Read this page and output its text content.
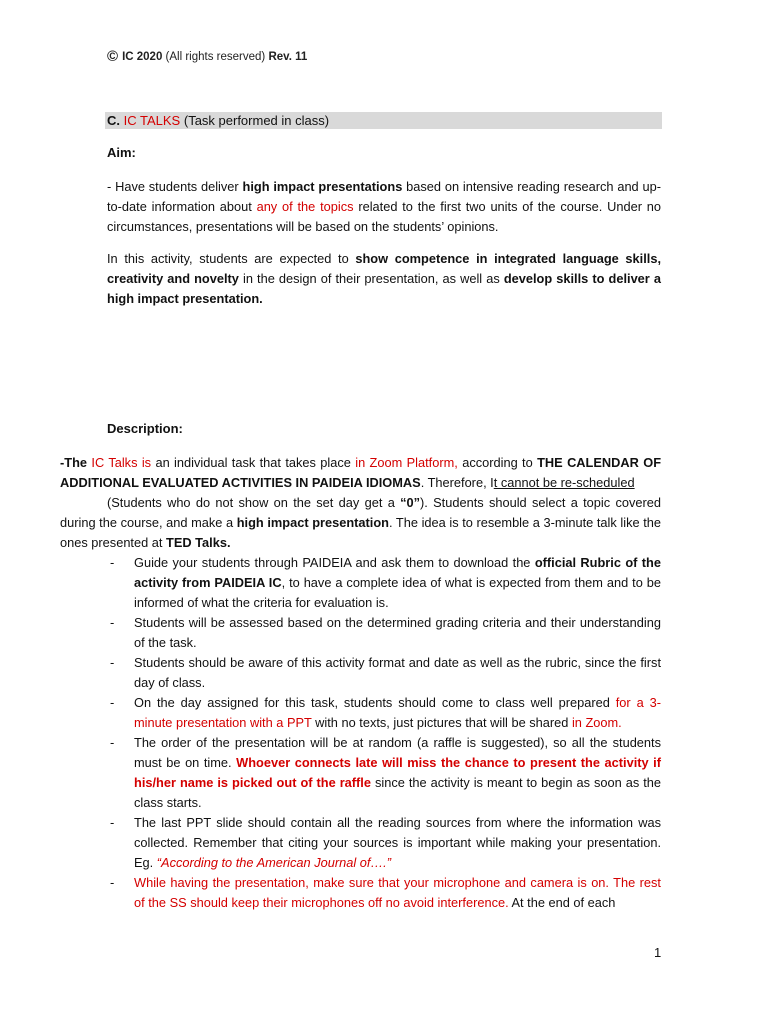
© IC 2020 (All rights reserved) Rev. 11
C. IC TALKS (Task performed in class)
Aim:

- Have students deliver high impact presentations based on intensive reading research and up-to-date information about any of the topics related to the first two units of the course. Under no circumstances, presentations will be based on the students’ opinions.

In this activity, students are expected to show competence in integrated language skills, creativity and novelty in the design of their presentation, as well as develop skills to deliver a high impact presentation.

Description:

-The IC Talks is an individual task that takes place in Zoom Platform, according to THE CALENDAR OF ADDITIONAL EVALUATED ACTIVITIES IN PAIDEIA IDIOMAS. Therefore, It cannot be re-scheduled
(Students who do not show on the set day get a “0”). Students should select a topic covered during the course, and make a high impact presentation. The idea is to resemble a 3-minute talk like the ones presented at TED Talks.

- Guide your students through PAIDEIA and ask them to download the official Rubric of the activity from PAIDEIA IC, to have a complete idea of what is expected from them and to be informed of what the criteria for evaluation is.
- Students will be assessed based on the determined grading criteria and their understanding of the task.
- Students should be aware of this activity format and date as well as the rubric, since the first day of class.
- On the day assigned for this task, students should come to class well prepared for a 3-minute presentation with a PPT with no texts, just pictures that will be shared in Zoom.
- The order of the presentation will be at random (a raffle is suggested), so all the students must be on time. Whoever connects late will miss the chance to present the activity if his/her name is picked out of the raffle since the activity is meant to begin as soon as the class starts.
- The last PPT slide should contain all the reading sources from where the information was collected. Remember that citing your sources is important while making your presentation. Eg. “According to the American Journal of….”
- While having the presentation, make sure that your microphone and camera is on. The rest of the SS should keep their microphones off no avoid interference. At the end of each
1
